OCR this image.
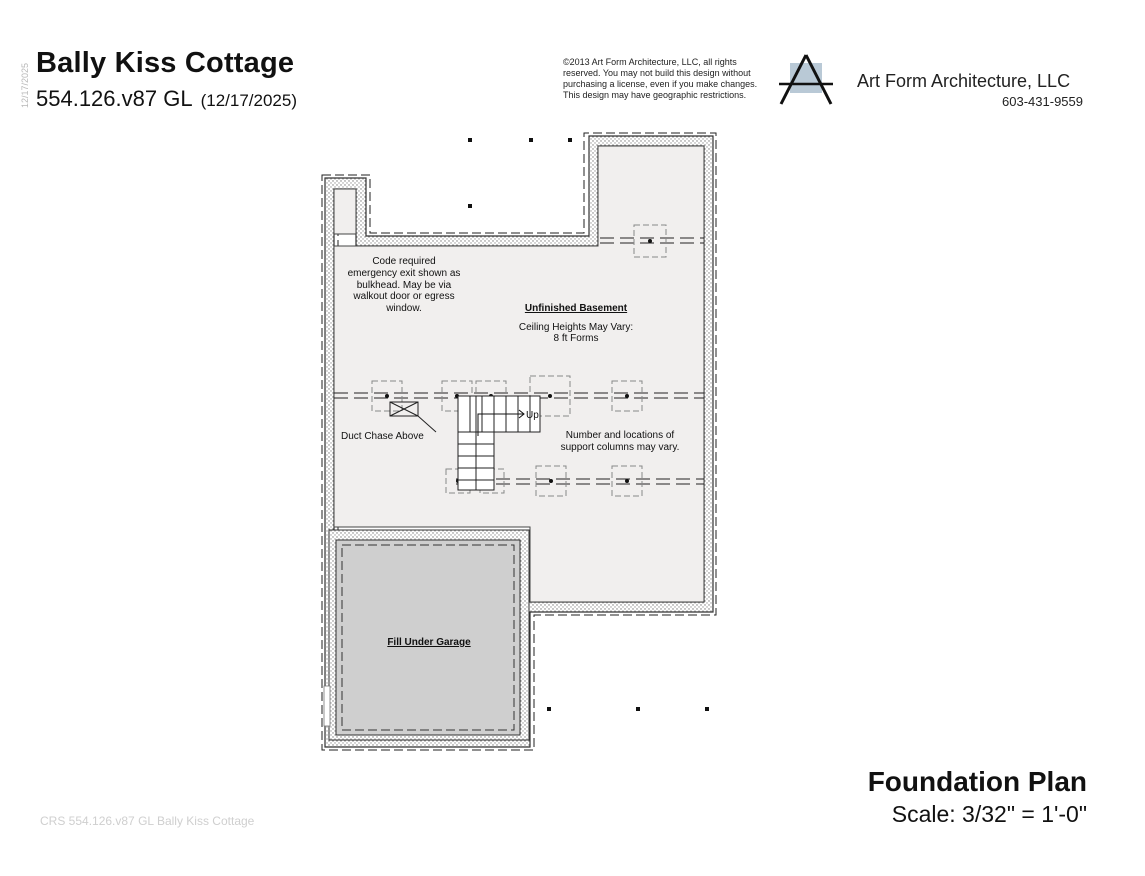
12/17/2025 Bally Kiss Cottage
554.126.v87 GL (12/17/2025)
©2013 Art Form Architecture, LLC, all rights
reserved. You may not build this design without
purchasing a license, even if you make changes.
This design may have geographic restrictions.
Art Form Architecture, LLC
603-431-9559
Code required
emergency exit shown as
bulkhead. May be via
walkout door or egress
window.	Unfinished Basement
Ceiling Heights May Vary:
8 ft Forms
Duct Chase Above
Up
Number and locations of
support columns may vary.
Fill Under Garage
Foundation Plan
Scale: 3/32" = 1'-0"
CRS 554.126.v87 GL Bally Kiss Cottage
